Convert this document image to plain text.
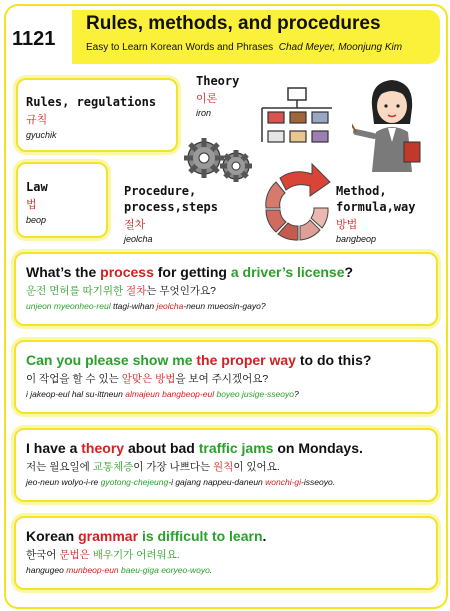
1121
Rules, methods, and procedures
Easy to Learn Korean Words and Phrases Chad Meyer, Moonjung Kim
Rules, regulations
규칙
gyuchik
Law
법
beop
Theory
이론
iron
Procedure,
process,steps
절차
jeolcha
Method,
formula,way
방법
bangbeop
What’s the process for getting a driver’s license?
운전 면허를 따기위한 절차는 무엇인가요?
unjeon myeonheo-reul ttagi-wihan jeolcha-neun mueosin-gayo?
Can you please show me the proper way to do this?
이 작업을 할 수 있는 알맞은 방법을 보여 주시겠어요?
i jakeop-eul hal su-ittneun almajeun bangbeop-eul boyeo jusige-sseoyo?
I have a theory about bad traffic jams on Mondays.
저는 월요일에 교통체증이 가장 나쁘다는 원칙이 있어요.
jeo-neun wolyo-i-re gyotong-chejeung-i gajang nappeu-daneun wonchi-gi-isseoyo.
Korean grammar is difficult to learn.
한국어 문법은 배우기가 어려워요.
hangugeo munbeop-eun baeu-giga eoryeo-woyo.
